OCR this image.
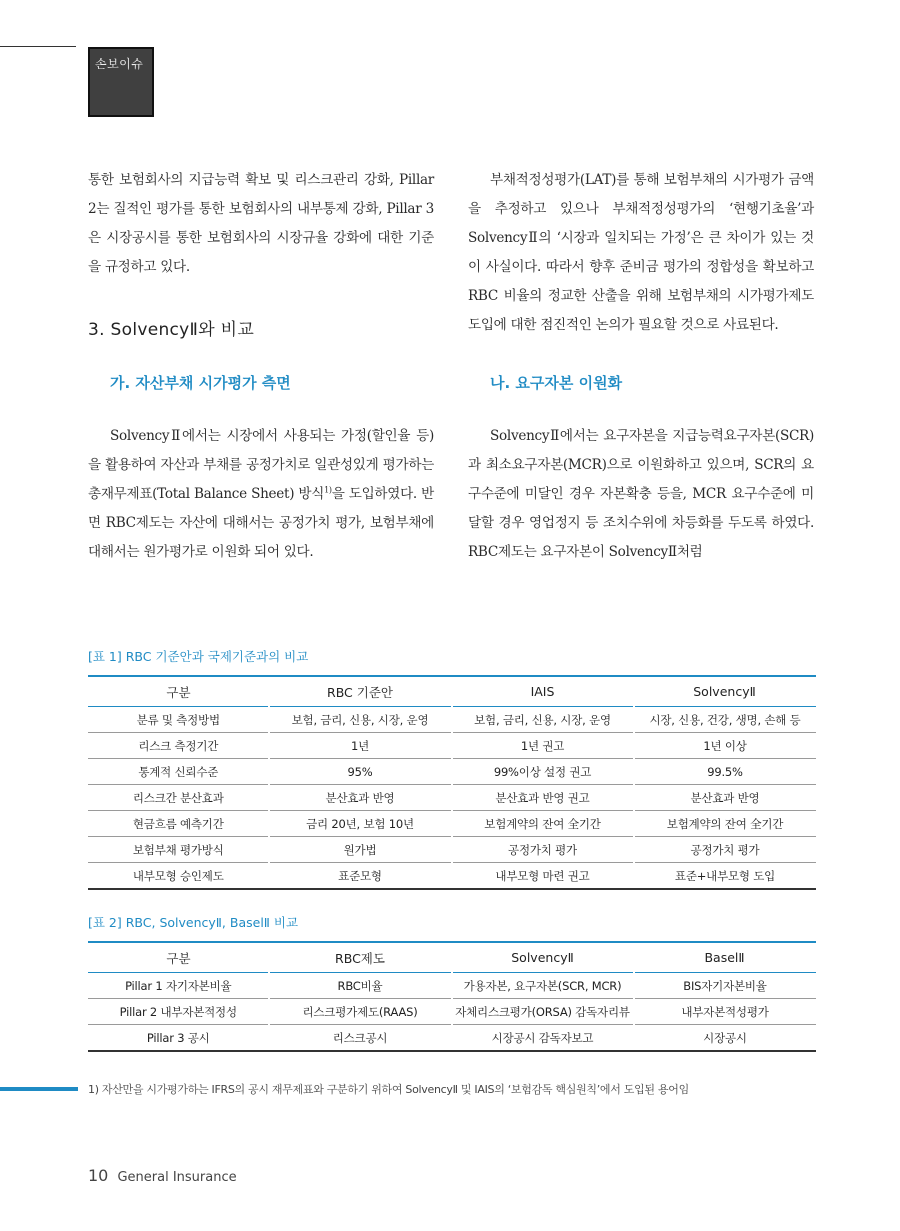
손보이슈

통한 보험회사의 지급능력 확보 및 리스크관리 강화, Pillar 2는 질적인 평가를 통한 보험회사의 내부통제 강화, Pillar 3은 시장공시를 통한 보험회사의 시장규율 강화에 대한 기준을 규정하고 있다.

3. SolvencyⅡ와 비교
가. 자산부채 시가평가 측면

SolvencyⅡ에서는 시장에서 사용되는 가정(할인율 등)을 활용하여 자산과 부채를 공정가치로 일관성있게 평가하는 총재무제표(Total Balance Sheet) 방식$^{1)}$을 도입하였다. 반면 RBC제도는 자산에 대해서는 공정가치 평가, 보험부채에 대해서는 원가평가로 이원화 되어 있다.

부채적정성평가(LAT)를 통해 보험부채의 시가평가 금액을 추정하고 있으나 부채적정성평가의 ‘현행기초율’과 SolvencyⅡ의 ‘시장과 일치되는 가정’은 큰 차이가 있는 것이 사실이다. 따라서 향후 준비금 평가의 정합성을 확보하고 RBC 비율의 정교한 산출을 위해 보험부채의 시가평가제도 도입에 대한 점진적인 논의가 필요할 것으로 사료된다.

나. 요구자본 이원화

SolvencyⅡ에서는 요구자본을 지급능력요구자본(SCR)과 최소요구자본(MCR)으로 이원화하고 있으며, SCR의 요구수준에 미달인 경우 자본확충 등을, MCR 요구수준에 미달할 경우 영업정지 등 조치수위에 차등화를 두도록 하였다. RBC제도는 요구자본이 SolvencyⅡ처럼

[표 1] RBC 기준안과 국제기준과의 비교
구분	RBC 기준안	IAIS	SolvencyⅡ
분류 및 측정방법	보험, 금리, 신용, 시장, 운영	보험, 금리, 신용, 시장, 운영	시장, 신용, 건강, 생명, 손해 등
리스크 측정기간	1년	1년 권고	1년 이상
통계적 신뢰수준	95%	99%이상 설정 권고	99.5%
리스크간 분산효과	분산효과 반영	분산효과 반영 권고	분산효과 반영
현금흐름 예측기간	금리 20년, 보험 10년	보험계약의 잔여 全기간	보험계약의 잔여 全기간
보험부채 평가방식	원가법	공정가치 평가	공정가치 평가
내부모형 승인제도	표준모형	내부모형 마련 권고	표준+내부모형 도입
[표 2] RBC, SolvencyⅡ, BaselⅡ 비교
구분	RBC제도	SolvencyⅡ	BaselⅡ
Pillar 1 자기자본비율	RBC비율	가용자본, 요구자본(SCR, MCR)	BIS자기자본비율
Pillar 2 내부자본적정성	리스크평가제도(RAAS)	자체리스크평가(ORSA) 감독자리뷰	내부자본적성평가
Pillar 3 공시	리스크공시	시장공시 감독자보고	시장공시
1) 자산만을 시가평가하는 IFRS의 공시 재무제표와 구분하기 위하여 SolvencyⅡ 및 IAIS의 ‘보험감독 핵심원칙’에서 도입된 용어임
10 General Insurance
